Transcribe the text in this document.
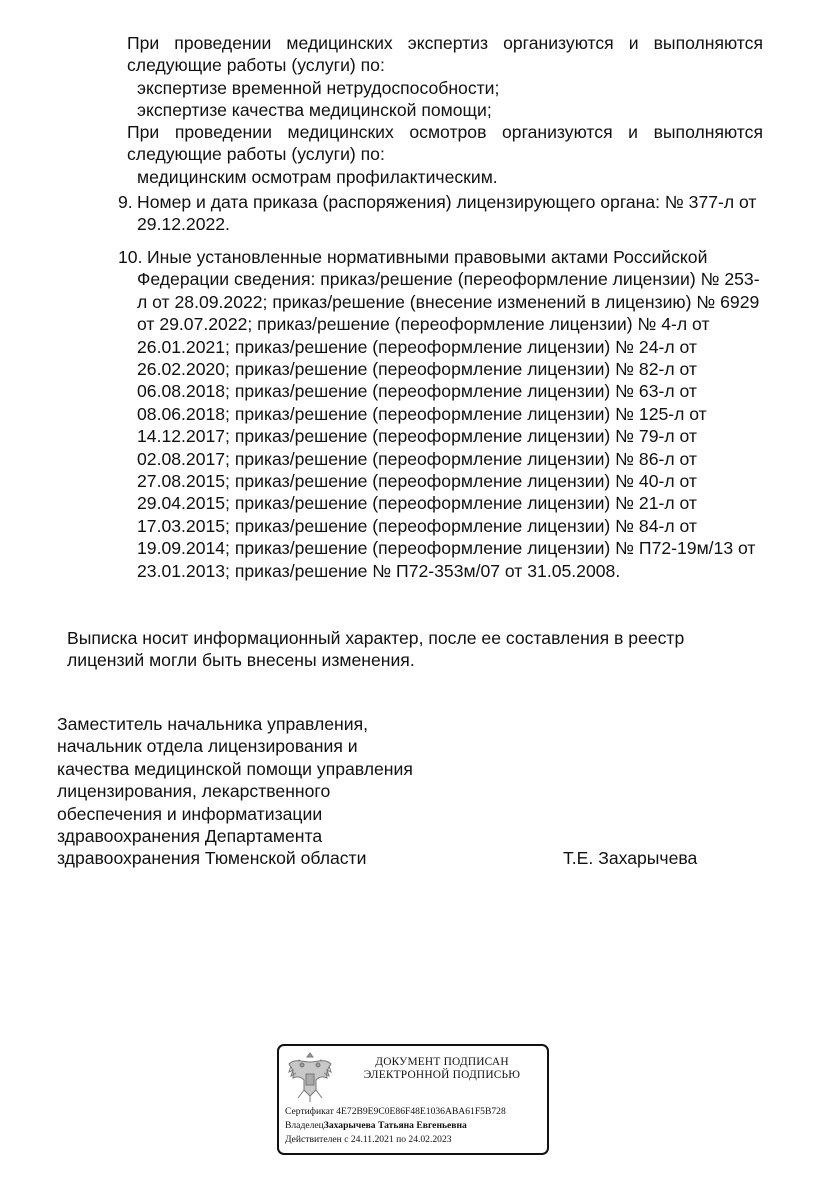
При проведении медицинских экспертиз организуются и выполняются следующие работы (услуги) по:
экспертизе временной нетрудоспособности;
экспертизе качества медицинской помощи;
При проведении медицинских осмотров организуются и выполняются следующие работы (услуги) по:
медицинским осмотрам профилактическим.
9. Номер и дата приказа (распоряжения) лицензирующего органа: № 377-л от 29.12.2022.
10. Иные установленные нормативными правовыми актами Российской Федерации сведения: приказ/решение (переоформление лицензии) № 253-л от 28.09.2022; приказ/решение (внесение изменений в лицензию) № 6929 от 29.07.2022; приказ/решение (переоформление лицензии) № 4-л от 26.01.2021; приказ/решение (переоформление лицензии) № 24-л от 26.02.2020; приказ/решение (переоформление лицензии) № 82-л от 06.08.2018; приказ/решение (переоформление лицензии) № 63-л от 08.06.2018; приказ/решение (переоформление лицензии) № 125-л от 14.12.2017; приказ/решение (переоформление лицензии) № 79-л от 02.08.2017; приказ/решение (переоформление лицензии) № 86-л от 27.08.2015; приказ/решение (переоформление лицензии) № 40-л от 29.04.2015; приказ/решение (переоформление лицензии) № 21-л от 17.03.2015; приказ/решение (переоформление лицензии) № 84-л от 19.09.2014; приказ/решение (переоформление лицензии) № П72-19м/13 от 23.01.2013; приказ/решение № П72-353м/07 от 31.05.2008.
Выписка носит информационный характер, после ее составления в реестр лицензий могли быть внесены изменения.
Заместитель начальника управления,
начальник отдела лицензирования и
качества медицинской помощи управления
лицензирования, лекарственного
обеспечения и информатизации
здравоохранения Департамента
здравоохранения Тюменской области	Т.Е. Захарычева
ДОКУМЕНТ ПОДПИСАН
ЭЛЕКТРОННОЙ ПОДПИСЬЮ
Сертификат 4E72B9E9C0E86F48E1036ABA61F5B728
ВладелецЗахарычева Татьяна Евгеньевна
Действителен с 24.11.2021 по 24.02.2023
